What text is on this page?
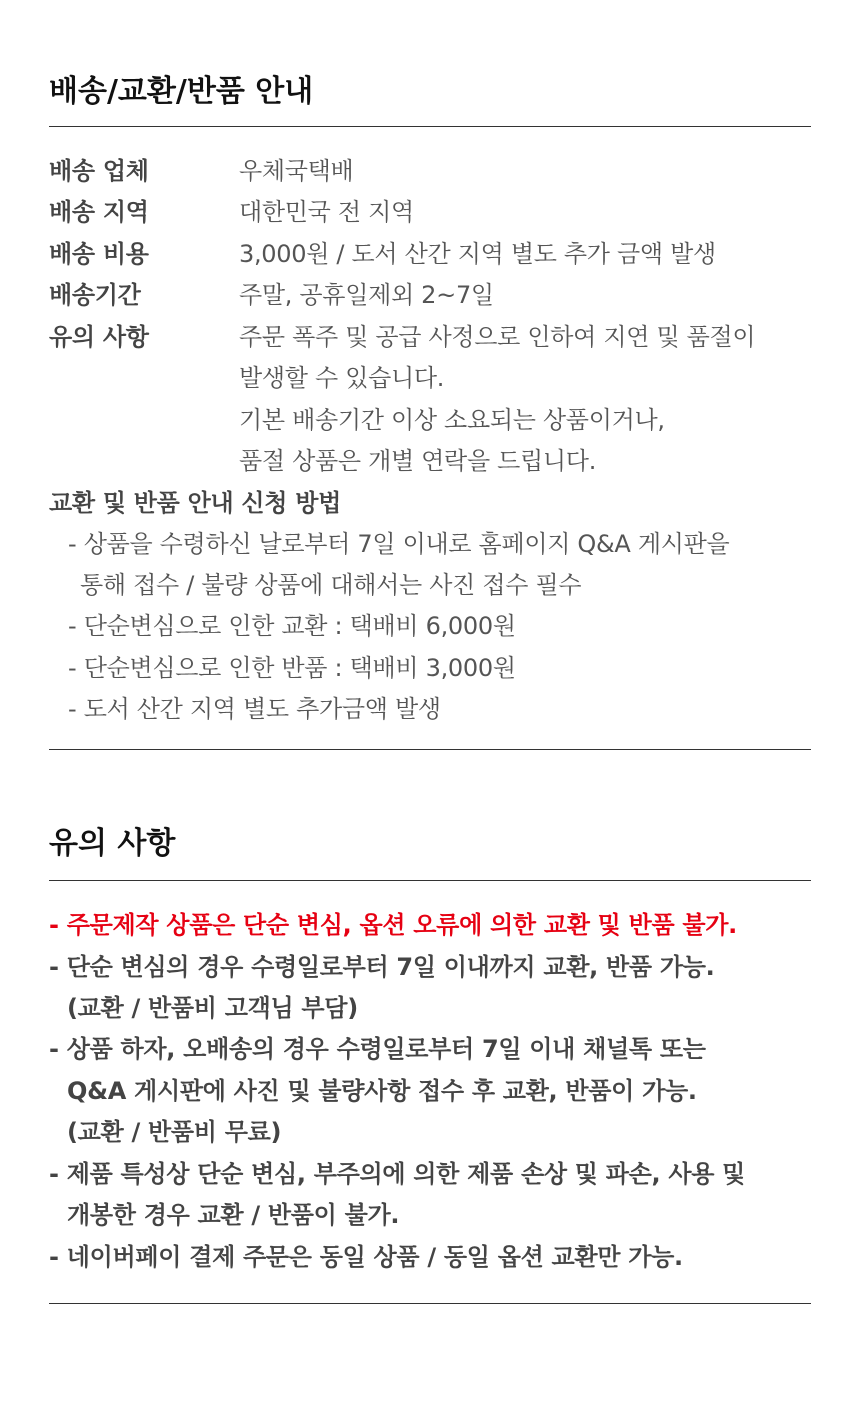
배송/교환/반품 안내
배송 업체	우체국택배
배송 지역	대한민국 전 지역
배송 비용	3,000원 / 도서 산간 지역 별도 추가 금액 발생
배송기간	주말, 공휴일제외 2~7일
유의 사항	주문 폭주 및 공급 사정으로 인하여 지연 및 품절이
발생할 수 있습니다.
기본 배송기간 이상 소요되는 상품이거나,
품절 상품은 개별 연락을 드립니다.
교환 및 반품 안내 신청 방법
- 상품을 수령하신 날로부터 7일 이내로 홈페이지 Q&A 게시판을
통해 접수 / 불량 상품에 대해서는 사진 접수 필수
- 단순변심으로 인한 교환 : 택배비 6,000원
- 단순변심으로 인한 반품 : 택배비 3,000원
- 도서 산간 지역 별도 추가금액 발생
유의 사항
- 주문제작 상품은 단순 변심, 옵션 오류에 의한 교환 및 반품 불가.
- 단순 변심의 경우 수령일로부터 7일 이내까지 교환, 반품 가능.
(교환 / 반품비 고객님 부담)
- 상품 하자, 오배송의 경우 수령일로부터 7일 이내 채널톡 또는
Q&A 게시판에 사진 및 불량사항 접수 후 교환, 반품이 가능.
(교환 / 반품비 무료)
- 제품 특성상 단순 변심, 부주의에 의한 제품 손상 및 파손, 사용 및
개봉한 경우 교환 / 반품이 불가.
- 네이버페이 결제 주문은 동일 상품 / 동일 옵션 교환만 가능.
